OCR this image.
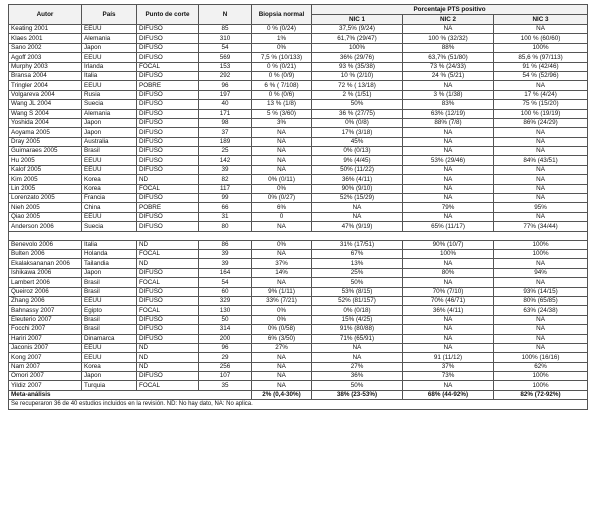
Autor	País	Punto de corte	N	Biopsia normal	Porcentaje PTS positivo		
					NIC 1	NIC 2	NIC 3
Keating 2001	EEUU	DIFUSO	85	0 % (0/24)	37,5% (9/24)	NA	NA
Klaes 2001	Alemania	DIFUSO	310	1%	61,7% (29/47)	100 % (32/32)	100 % (60/60)
Sano 2002	Japon	DIFUSO	54	0%	100%	88%	100%
Agoff 2003	EEUU	DIFUSO	569	7,5 % (10/133)	36% (29/76)	63,7% (51/80)	85,6 % (97/113)
Murphy 2003	Irlanda	FOCAL	153	0 % (0/21)	93 % (35/38)	73 % (24/33)	91 % (42/46)
Bransa 2004	Italia	DIFUSO	292	0 % (0/9)	10 % (2/10)	24 % (5/21)	54 % (52/96)
Tringler 2004	EEUU	POBRE	96	6 % ( 7/108)	72 % ( 13/18)	NA	NA
Volgareva 2004	Rusia	DIFUSO	197	0 % (0/6)	2 % (1/51)	3 % (1/38)	17 % (4/24)
Wang JL 2004	Suecia	DIFUSO	40	13 % (1/8)	50%	83%	75 % (15/20)
Wang S 2004	Alemania	DIFUSO	171	5 % (3/60)	36 % (27/75)	63% (12/19)	100 % (19/19)
Yoshida 2004	Japon	DIFUSO	98	3%	0% (0/8)	88% (7/8)	86% (24/29)
Aoyama 2005	Japon	DIFUSO	37	NA	17% (3/18)	NA	NA
Dray 2005	Australia	DIFUSO	189	NA	45%	NA	NA
Guimaraes 2005	Brasil	DIFUSO	25	NA	0% (0/13)	NA	NA
Hu 2005	EEUU	DIFUSO	142	NA	9% (4/45)	53% (29/46)	84% (43/51)
Kalof 2005	EEUU	DIFUSO	39	NA	50% (11/22)	NA	NA
Kim 2005	Korea	ND	82	0% (0/11)	36% (4/11)	NA	NA
Lin 2005	Korea	FOCAL	117	0%	90% (9/10)	NA	NA
Lorenzato 2005	Francia	DIFUSO	99	0% (0/27)	52% (15/29)	NA	NA
Nieh 2005	China	POBRE	66	6%	NA	79%	95%
Qiao 2005	EEUU	DIFUSO	31	0	NA	NA	NA
Anderson 2006	Suecia	DIFUSO	80	NA	47% (9/19)	65% (11/17)	77% (34/44)

Benevolo 2006	Italia	ND	86	0%	31% (17/51)	90% (10/7)	100%
Bulten 2006	Holanda	FOCAL	39	NA	67%	100%	100%
Ekalaksananan 2006	Tailandia	ND	39	37%	13%	NA	NA
Ishikawa 2006	Japon	DIFUSO	164	14%	25%	80%	94%
Lambert 2006	Brasil	FOCAL	54	NA	50%	NA	NA
Queiroz 2006	Brasil	DIFUSO	60	9% (1/11)	53% (8/15)	70% (7/10)	93% (14/15)
Zhang 2006	EEUU	DIFUSO	329	33% (7/21)	52% (81/157)	70% (46/71)	80% (65/85)
Bahnassy 2007	Egipto	FOCAL	130	0%	0% (0/18)	36% (4/11)	63% (24/38)
Eleuterio 2007	Brasil	DIFUSO	50	0%	15% (4/25)	NA	NA
Focchi 2007	Brasil	DIFUSO	314	0% (0/58)	91% (80/88)	NA	NA
Hariri 2007	Dinamarca	DIFUSO	200	6% (3/50)	71% (65/91)	NA	NA
Jaconis 2007	EEUU	ND	96	27%	NA	NA	NA
Kong 2007	EEUU	ND	29	NA	NA	91 (11/12)	100% (16/16)
Nam 2007	Korea	ND	256	NA	27%	37%	62%
Omori 2007	Japon	DIFUSO	107	NA	36%	73%	100%
Yildiz 2007	Turquia	FOCAL	35	NA	50%	NA	100%
Meta-análisis				2% (0,4-30%)	38% (23-53%)	68% (44-92%)	82% (72-92%)
Se recuperaron 36 de 40 estudios incluidos en la revisión. ND: No hay dato, NA: No aplica.							
